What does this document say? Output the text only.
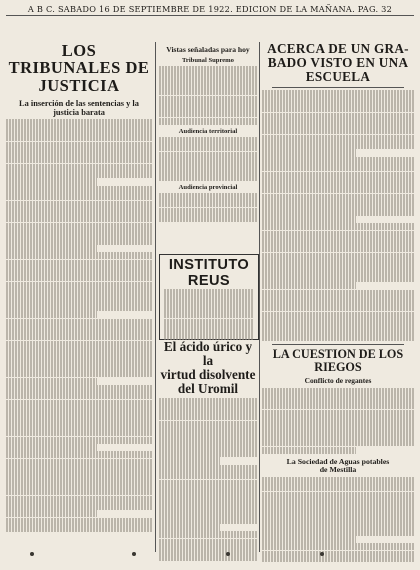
A B C. SABADO 16 DE SEPTIEMBRE DE 1922. EDICION DE LA MAÑANA. PAG. 32
LOS TRIBUNALES DE
JUSTICIA
La inserción de las sentencias y la justicia barata
Vistas señaladas para hoy
Tribunal Supremo
Audiencia territorial
Audiencia provincial
INSTITUTO REUS
El ácido úrico y la
virtud disolvente
del Uromil
ACERCA DE UN GRA-
BADO VISTO EN UNA
ESCUELA
LA CUESTION DE LOS
RIEGOS
Conflicto de regantes
La Sociedad de Aguas potables
de Mestilla
